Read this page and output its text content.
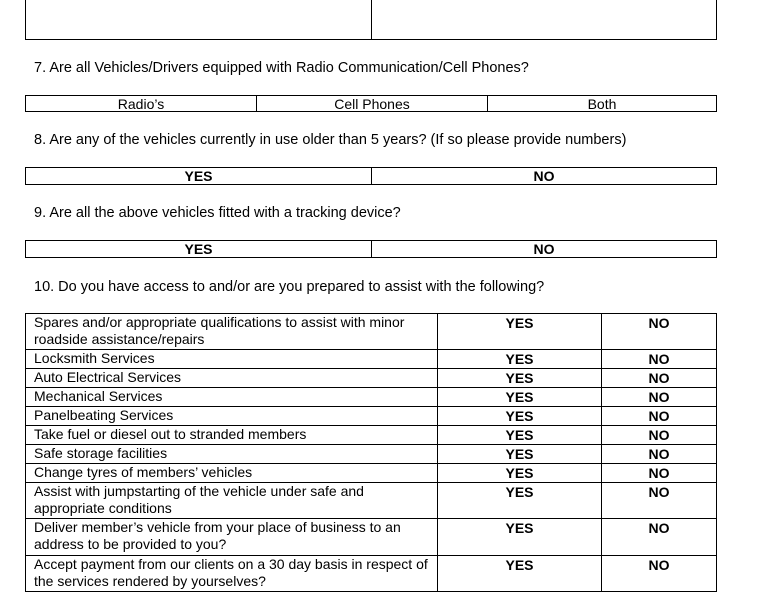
7. Are all Vehicles/Drivers equipped with Radio Communication/Cell Phones?
Radio’s	Cell Phones	Both
8. Are any of the vehicles currently in use older than 5 years? (If so please provide numbers)
YES	NO
9. Are all the above vehicles fitted with a tracking device?
YES	NO
10. Do you have access to and/or are you prepared to assist with the following?
Spares and/or appropriate qualifications to assist with minor roadside assistance/repairs	YES	NO
Locksmith Services	YES	NO
Auto Electrical Services	YES	NO
Mechanical Services	YES	NO
Panelbeating Services	YES	NO
Take fuel or diesel out to stranded members	YES	NO
Safe storage facilities	YES	NO
Change tyres of members’ vehicles	YES	NO
Assist with jumpstarting of the vehicle under safe and appropriate conditions	YES	NO
Deliver member’s vehicle from your place of business to an address to be provided to you?	YES	NO
Accept payment from our clients on a 30 day basis in respect of the services rendered by yourselves?	YES	NO
